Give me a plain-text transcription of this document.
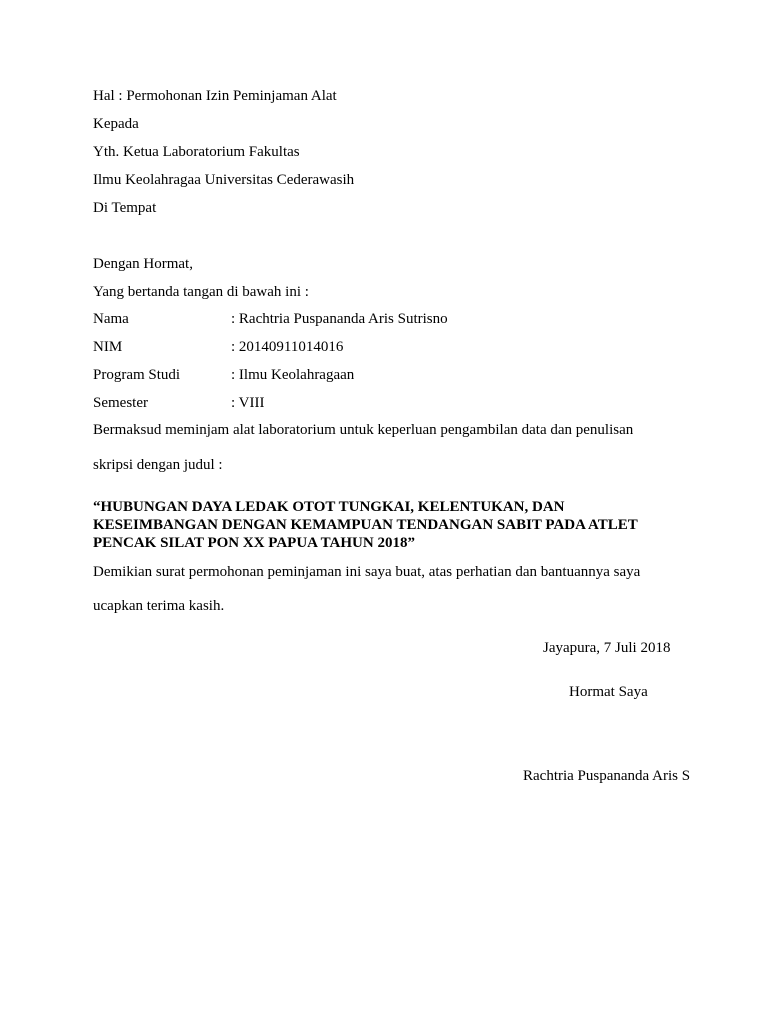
Hal : Permohonan Izin Peminjaman Alat
Kepada
Yth. Ketua Laboratorium Fakultas
Ilmu Keolahragaa Universitas Cederawasih
Di Tempat
Dengan Hormat,
Yang bertanda tangan di bawah ini :
Nama	: Rachtria Puspananda Aris Sutrisno
NIM	: 20140911014016
Program Studi	: Ilmu Keolahragaan
Semester	: VIII
Bermaksud meminjam alat laboratorium untuk keperluan pengambilan data dan penulisan
skripsi dengan judul :
“HUBUNGAN DAYA LEDAK OTOT TUNGKAI, KELENTUKAN, DAN KESEIMBANGAN DENGAN KEMAMPUAN TENDANGAN SABIT PADA ATLET PENCAK SILAT PON XX PAPUA TAHUN 2018”
Demikian surat permohonan peminjaman ini saya buat, atas perhatian dan bantuannya saya
ucapkan terima kasih.
Jayapura, 7 Juli 2018
Hormat Saya
Rachtria Puspananda Aris S
